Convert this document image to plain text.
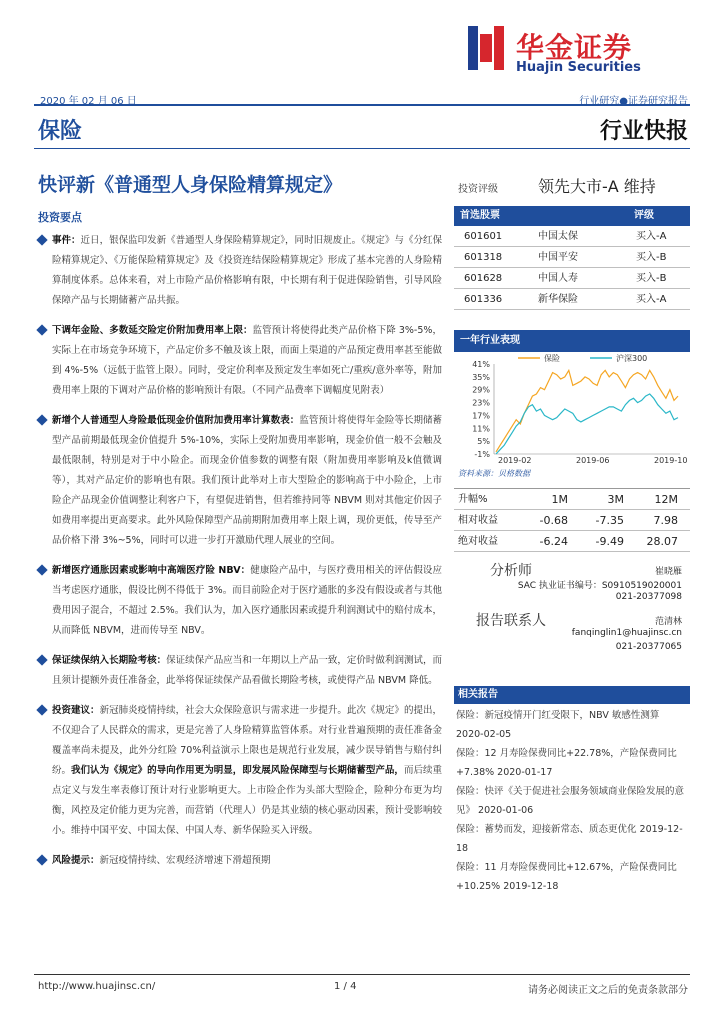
华金证券
Huajin Securities
2020 年 02 月 06 日	行业研究●证券研究报告
保险	行业快报
快评新《普通型人身保险精算规定》
投资要点
事件：近日，银保监印发新《普通型人身保险精算规定》，同时旧规废止。《规定》与《分红保险精算规定》、《万能保险精算规定》及《投资连结保险精算规定》形成了基本完善的人身险精算制度体系。总体来看，对上市险产品价格影响有限，中长期有利于促进保险销售，引导风险保障产品与长期储蓄产品共振。
下调年金险、多数延交险定价附加费用率上限：监管预计将使得此类产品价格下降 3%-5%，实际上在市场竞争环境下，产品定价多不触及该上限，而面上渠道的产品预定费用率甚至能做到 4%-5%（远低于监管上限）。同时，受定价利率及预定发生率如死亡/重疾/意外率等，附加费用率上限的下调对产品价格的影响预计有限。（不同产品费率下调幅度见附表）
新增个人普通型人身险最低现金价值附加费用率计算数表：监管预计将使得年金险等长期储蓄型产品前期最低现金价值提升 5%-10%，实际上受附加费用率影响，现金价值一般不会触及最低限制，特别是对于中小险企。而现金价值参数的调整有限（附加费用率影响及k值微调等），其对产品定价的影响也有限。我们预计此举对上市大型险企的影响高于中小险企，上市险企产品现金价值调整让利客户下，有望促进销售，但若维持同等 NBVM 则对其他定价因子如费用率提出更高要求。此外风险保障型产品前期附加费用率上限上调，现价更低，传导至产品价格下滑 3%~5%，同时可以进一步打开激励代理人展业的空间。
新增医疗通胀因素或影响中高端医疗险 NBV：健康险产品中，与医疗费用相关的评估假设应当考虑医疗通胀，假设比例不得低于 3%。而目前险企对于医疗通胀的多没有假设或者与其他费用因子混合，不超过 2.5%。我们认为，加入医疗通胀因素或提升利润测试中的赔付成本，从而降低 NBVM，进而传导至 NBV。
保证续保纳入长期险考核：保证续保产品应当和一年期以上产品一致，定价时做利润测试，而且须计提额外责任准备金，此举将保证续保产品看做长期险考核，或使得产品 NBVM 降低。
投资建议：新冠肺炎疫情持续，社会大众保险意识与需求进一步提升。此次《规定》的提出，不仅迎合了人民群众的需求，更是完善了人身险精算监管体系。对行业普遍预期的责任准备金覆盖率尚未提及，此外分红险 70%利益演示上限也是规范行业发展，减少误导销售与赔付纠纷。我们认为《规定》的导向作用更为明显，即发展风险保障型与长期储蓄型产品，而后续重点定义与发生率表修订预计对行业影响更大。上市险企作为头部大型险企，险种分布更为均衡，风控及定价能力更为完善，而营销（代理人）仍是其业绩的核心驱动因素，预计受影响较小。维持中国平安、中国太保、中国人寿、新华保险买入评级。
风险提示：新冠疫情持续、宏观经济增速下滑超预期
投资评级	领先大市-A 维持
首选股票	评级
601601	中国太保	买入-A
601318	中国平安	买入-B
601628	中国人寿	买入-B
601336	新华保险	买入-A
一年行业表现
41%
35%
29%
23%
17%
11%
5%
-1%
2019-02	2019-06	2019-10
保险	沪深300
资料来源：贝格数据
升幅%	1M	3M	12M
相对收益	-0.68	-7.35	7.98
绝对收益	-6.24	-9.49	28.07
分析师	崔晓雁
SAC 执业证书编号：S0910519020001
021-20377098
报告联系人	范清林
fanqinglin1@huajinsc.cn
021-20377065
相关报告
保险：新冠疫情开门红受限下，NBV 敏感性测算 2020-02-05
保险：12 月寿险保费同比+22.78%，产险保费同比+7.38% 2020-01-17
保险：快评《关于促进社会服务领域商业保险发展的意见》 2020-01-06
保险：蓄势而发，迎接新常态、质态更优化 2019-12-18
保险：11 月寿险保费同比+12.67%，产险保费同比+10.25% 2019-12-18
http://www.huajinsc.cn/	1 / 4	请务必阅读正文之后的免责条款部分
